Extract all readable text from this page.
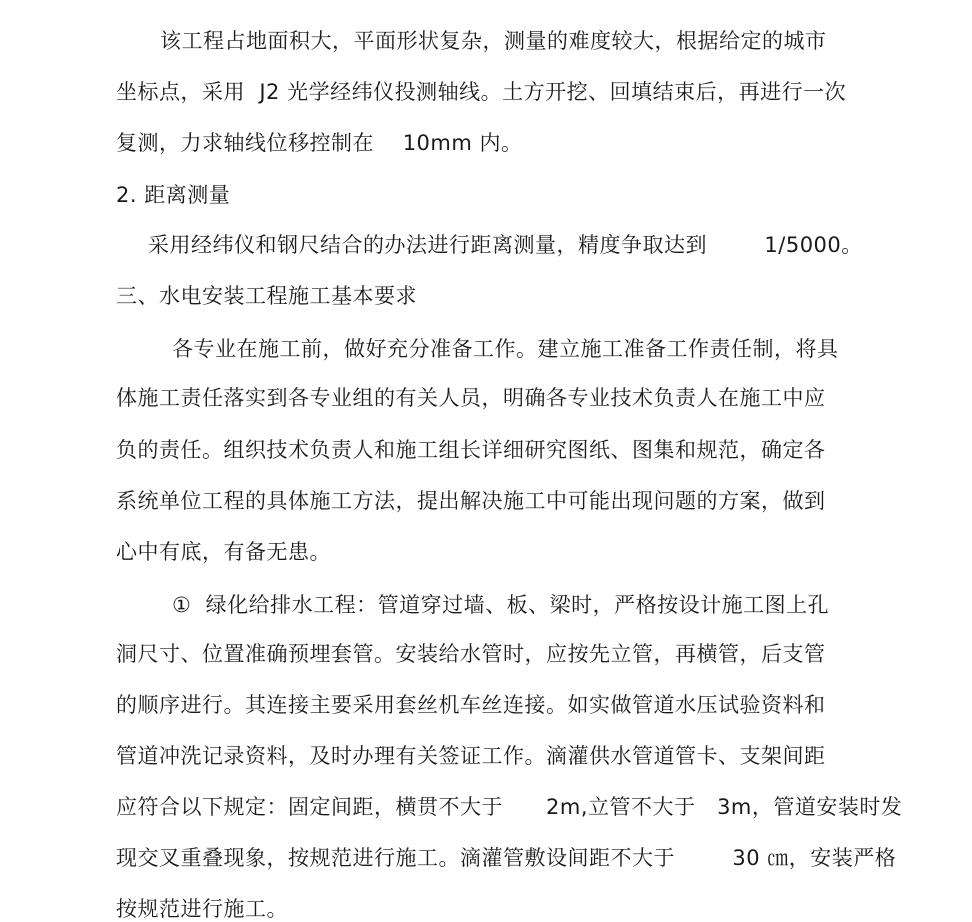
该工程占地面积大，平面形状复杂，测量的难度较大，根据给定的城市
坐标点，采用  J2 光学经纬仪投测轴线。土方开挖、回填结束后，再进行一次
复测，力求轴线位移控制在    10mm 内。
2. 距离测量
采用经纬仪和钢尺结合的办法进行距离测量，精度争取达到        1/5000。
三、水电安装工程施工基本要求
各专业在施工前，做好充分准备工作。建立施工准备工作责任制，将具
体施工责任落实到各专业组的有关人员，明确各专业技术负责人在施工中应
负的责任。组织技术负责人和施工组长详细研究图纸、图集和规范，确定各
系统单位工程的具体施工方法，提出解决施工中可能出现问题的方案，做到
心中有底，有备无患。
①  绿化给排水工程：管道穿过墙、板、梁时，严格按设计施工图上孔
洞尺寸、位置准确预埋套管。安装给水管时，应按先立管，再横管，后支管
的顺序进行。其连接主要采用套丝机车丝连接。如实做管道水压试验资料和
管道冲洗记录资料，及时办理有关签证工作。滴灌供水管道管卡、支架间距
应符合以下规定：固定间距，横贯不大于      2m,立管不大于   3m，管道安装时发
现交叉重叠现象，按规范进行施工。滴灌管敷设间距不大于        30 ㎝，安装严格
按规范进行施工。
